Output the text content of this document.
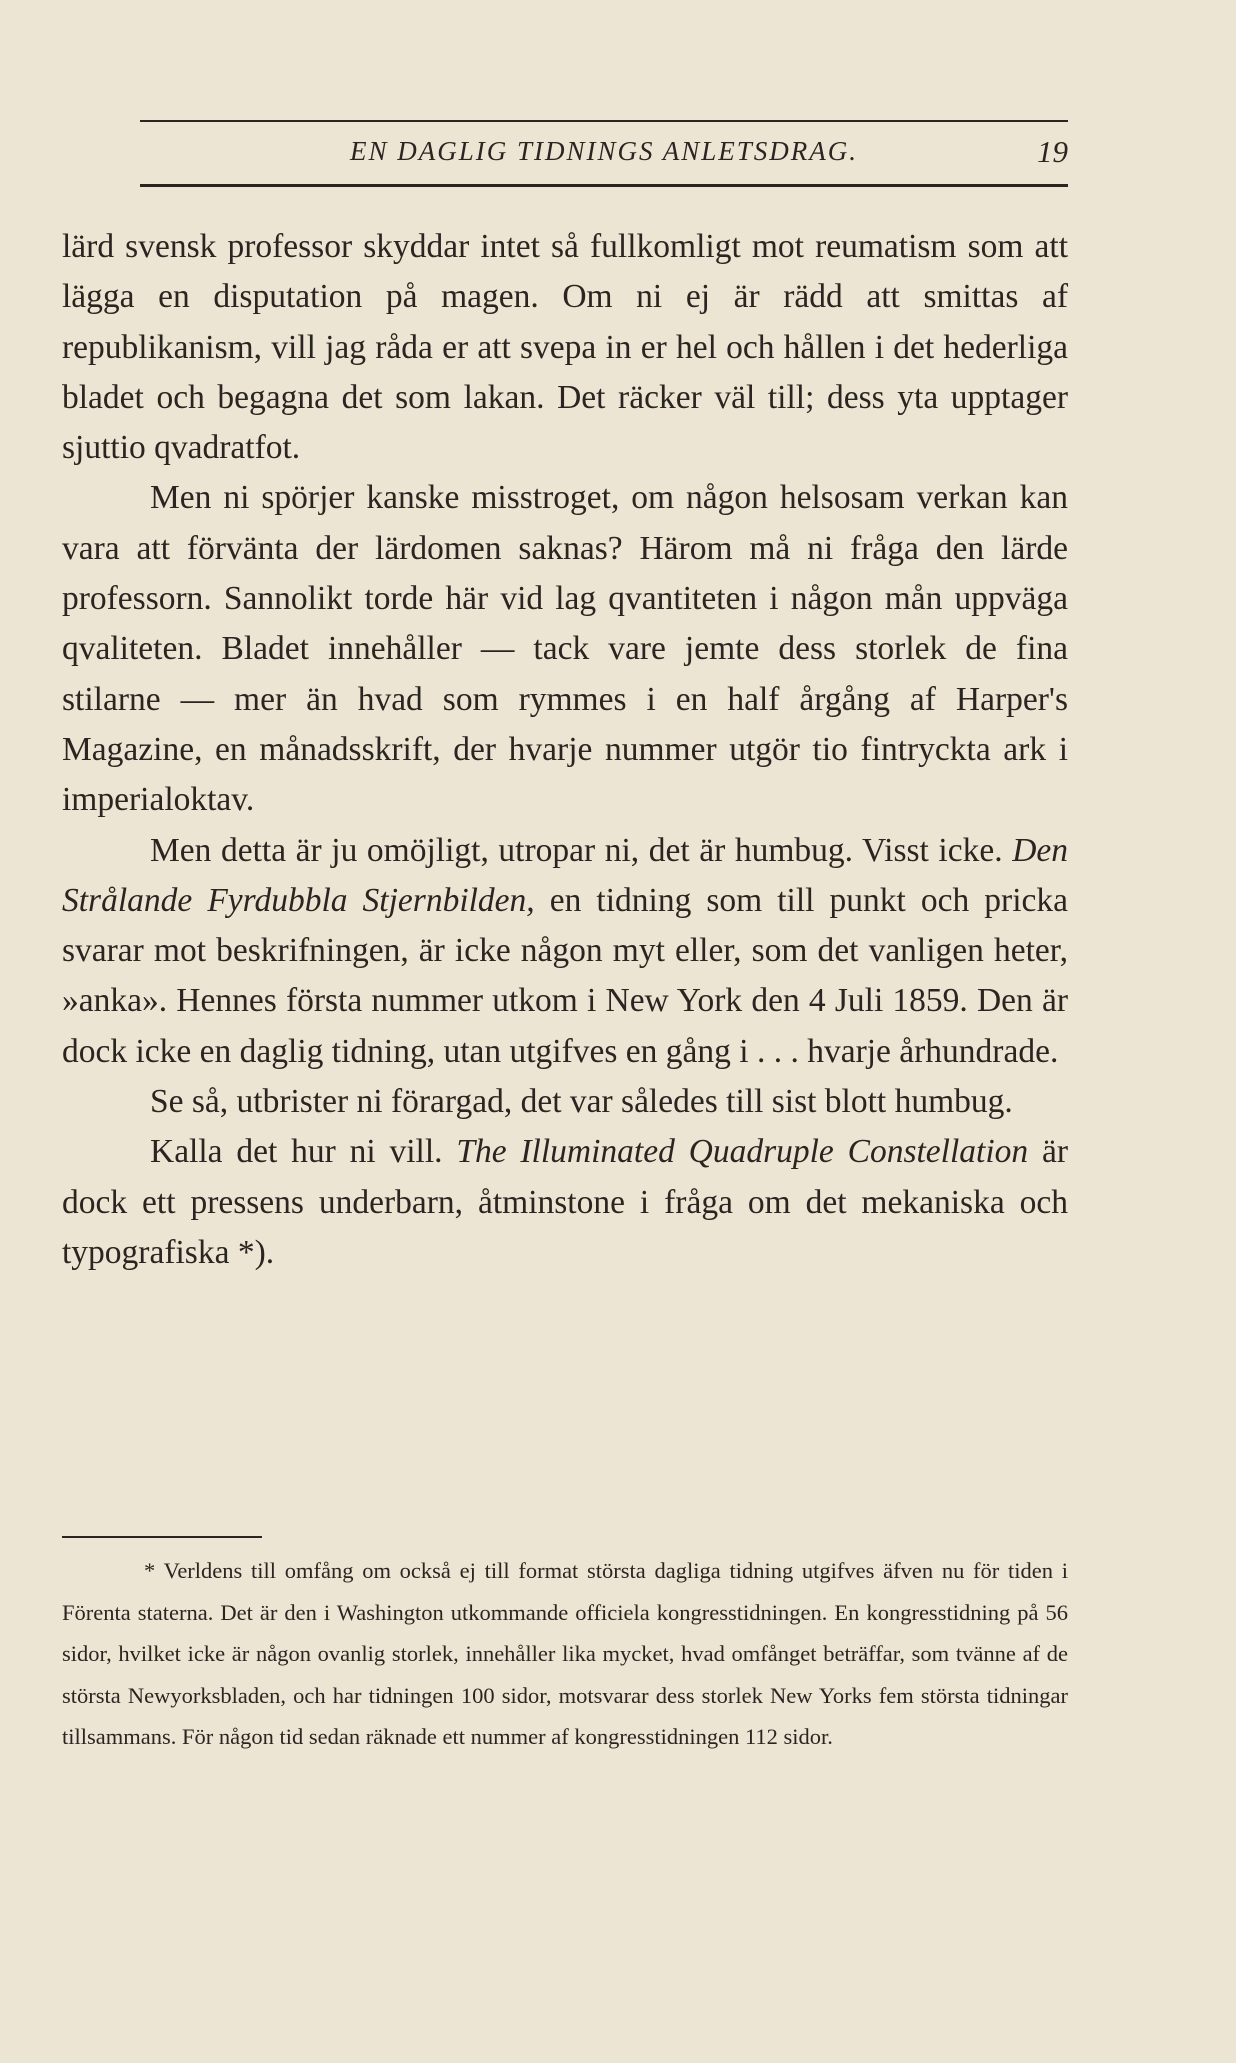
EN DAGLIG TIDNINGS ANLETSDRAG.	19

lärd svensk professor skyddar intet så fullkomligt mot reumatism som att lägga en disputation på magen. Om ni ej är rädd att smittas af republikanism, vill jag råda er att svepa in er hel och hållen i det hederliga bladet och begagna det som lakan. Det räcker väl till; dess yta upptager sjuttio qvadratfot.

Men ni spörjer kanske misstroget, om någon helsosam verkan kan vara att förvänta der lärdomen saknas? Härom må ni fråga den lärde professorn. Sannolikt torde här vid lag qvantiteten i någon mån uppväga qvaliteten. Bladet innehåller — tack vare jemte dess storlek de fina stilarne — mer än hvad som rymmes i en half årgång af Harper's Magazine, en månadsskrift, der hvarje nummer utgör tio fintryckta ark i imperialoktav.

Men detta är ju omöjligt, utropar ni, det är humbug. Visst icke. Den Strålande Fyrdubbla Stjernbilden, en tidning som till punkt och pricka svarar mot beskrifningen, är icke någon myt eller, som det vanligen heter, »anka». Hennes första nummer utkom i New York den 4 Juli 1859. Den är dock icke en daglig tidning, utan utgifves en gång i . . . hvarje århundrade.

Se så, utbrister ni förargad, det var således till sist blott humbug.

Kalla det hur ni vill. The Illuminated Quadruple Constellation är dock ett pressens underbarn, åtminstone i fråga om det mekaniska och typografiska *).

* Verldens till omfång om också ej till format största dagliga tidning utgifves äfven nu för tiden i Förenta staterna. Det är den i Washington utkommande officiela kongresstidningen. En kongresstidning på 56 sidor, hvilket icke är någon ovanlig storlek, innehåller lika mycket, hvad omfånget beträffar, som tvänne af de största Newyorksbladen, och har tidningen 100 sidor, motsvarar dess storlek New Yorks fem största tidningar tillsammans. För någon tid sedan räknade ett nummer af kongresstidningen 112 sidor.
